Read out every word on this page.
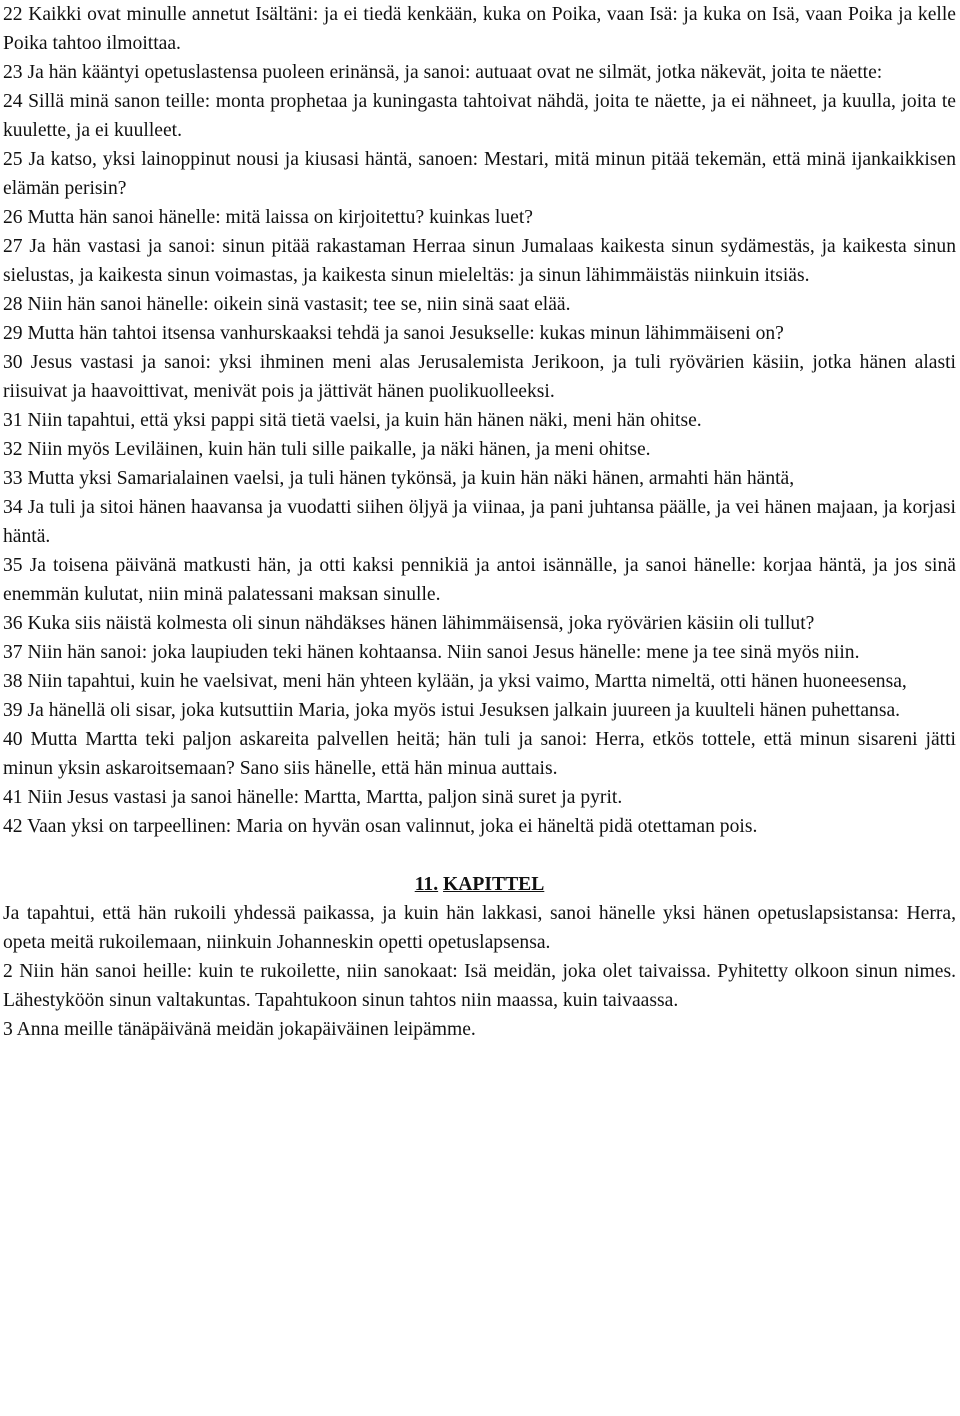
22 Kaikki ovat minulle annetut Isältäni: ja ei tiedä kenkään, kuka on Poika, vaan Isä: ja kuka on Isä, vaan Poika ja kelle Poika tahtoo ilmoittaa.

23 Ja hän kääntyi opetuslastensa puoleen erinänsä, ja sanoi: autuaat ovat ne silmät, jotka näkevät, joita te näette:

24 Sillä minä sanon teille: monta prophetaa ja kuningasta tahtoivat nähdä, joita te näette, ja ei nähneet, ja kuulla, joita te kuulette, ja ei kuulleet.

25 Ja katso, yksi lainoppinut nousi ja kiusasi häntä, sanoen: Mestari, mitä minun pitää tekemän, että minä ijankaikkisen elämän perisin?

26 Mutta hän sanoi hänelle: mitä laissa on kirjoitettu? kuinkas luet?

27 Ja hän vastasi ja sanoi: sinun pitää rakastaman Herraa sinun Jumalaas kaikesta sinun sydämestäs, ja kaikesta sinun sielustas, ja kaikesta sinun voimastas, ja kaikesta sinun mieleltäs: ja sinun lähimmäistäs niinkuin itsiäs.

28 Niin hän sanoi hänelle: oikein sinä vastasit; tee se, niin sinä saat elää.

29 Mutta hän tahtoi itsensa vanhurskaaksi tehdä ja sanoi Jesukselle: kukas minun lähimmäiseni on?

30 Jesus vastasi ja sanoi: yksi ihminen meni alas Jerusalemista Jerikoon, ja tuli ryövärien käsiin, jotka hänen alasti riisuivat ja haavoittivat, menivät pois ja jättivät hänen puolikuolleeksi.

31 Niin tapahtui, että yksi pappi sitä tietä vaelsi, ja kuin hän hänen näki, meni hän ohitse.

32 Niin myös Leviläinen, kuin hän tuli sille paikalle, ja näki hänen, ja meni ohitse.

33 Mutta yksi Samarialainen vaelsi, ja tuli hänen tykönsä, ja kuin hän näki hänen, armahti hän häntä,

34 Ja tuli ja sitoi hänen haavansa ja vuodatti siihen öljyä ja viinaa, ja pani juhtansa päälle, ja vei hänen majaan, ja korjasi häntä.

35 Ja toisena päivänä matkusti hän, ja otti kaksi pennikiä ja antoi isännälle, ja sanoi hänelle: korjaa häntä, ja jos sinä enemmän kulutat, niin minä palatessani maksan sinulle.

36 Kuka siis näistä kolmesta oli sinun nähdäkses hänen lähimmäisensä, joka ryövärien käsiin oli tullut?

37 Niin hän sanoi: joka laupiuden teki hänen kohtaansa. Niin sanoi Jesus hänelle: mene ja tee sinä myös niin.

38 Niin tapahtui, kuin he vaelsivat, meni hän yhteen kylään, ja yksi vaimo, Martta nimeltä, otti hänen huoneesensa,

39 Ja hänellä oli sisar, joka kutsuttiin Maria, joka myös istui Jesuksen jalkain juureen ja kuulteli hänen puhettansa.

40 Mutta Martta teki paljon askareita palvellen heitä; hän tuli ja sanoi: Herra, etkös tottele, että minun sisareni jätti minun yksin askaroitsemaan? Sano siis hänelle, että hän minua auttais.

41 Niin Jesus vastasi ja sanoi hänelle: Martta, Martta, paljon sinä suret ja pyrit.

42 Vaan yksi on tarpeellinen: Maria on hyvän osan valinnut, joka ei häneltä pidä otettaman pois.

11. KAPITTEL

Ja tapahtui, että hän rukoili yhdessä paikassa, ja kuin hän lakkasi, sanoi hänelle yksi hänen opetuslapsistansa: Herra, opeta meitä rukoilemaan, niinkuin Johanneskin opetti opetuslapsensa.

2 Niin hän sanoi heille: kuin te rukoilette, niin sanokaat: Isä meidän, joka olet taivaissa. Pyhitetty olkoon sinun nimes. Lähestyköön sinun valtakuntas. Tapahtukoon sinun tahtos niin maassa, kuin taivaassa.

3 Anna meille tänäpäivänä meidän jokapäiväinen leipämme.
